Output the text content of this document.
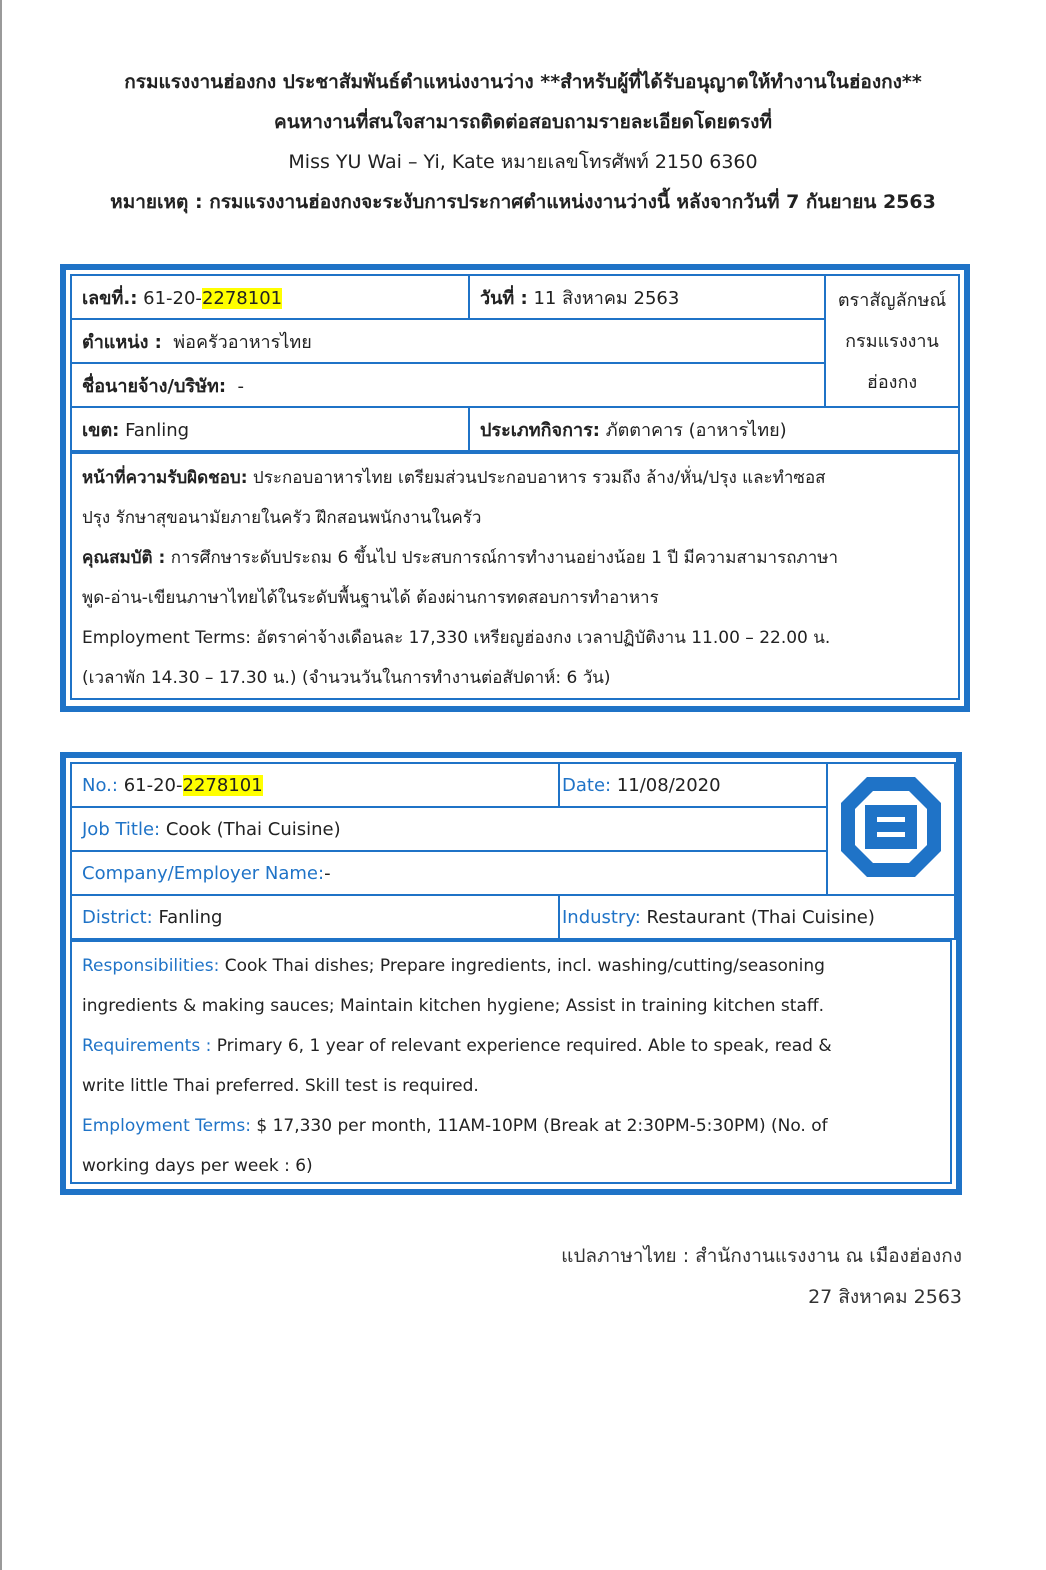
กรมแรงงานฮ่องกง ประชาสัมพันธ์ตำแหน่งงานว่าง **สำหรับผู้ที่ได้รับอนุญาตให้ทำงานในฮ่องกง**
คนหางานที่สนใจสามารถติดต่อสอบถามรายละเอียดโดยตรงที่
Miss YU Wai – Yi, Kate หมายเลขโทรศัพท์ 2150 6360
หมายเหตุ : กรมแรงงานฮ่องกงจะระงับการประกาศตำแหน่งงานว่างนี้ หลังจากวันที่ 7 กันยายน 2563
เลขที่.: 61-20-2278101	วันที่ : 11 สิงหาคม 2563	ตราสัญลักษณ์
กรมแรงงาน
ฮ่องกง

ตำแหน่ง : พ่อครัวอาหารไทย		
ชื่อนายจ้าง/บริษัท: -		
เขต: Fanling	ประเภทกิจการ: ภัตตาคาร (อาหารไทย)	
หน้าที่ความรับผิดชอบ: ประกอบอาหารไทย เตรียมส่วนประกอบอาหาร รวมถึง ล้าง/หั่น/ปรุง และทำซอส
ปรุง รักษาสุขอนามัยภายในครัว ฝึกสอนพนักงานในครัว
คุณสมบัติ : การศึกษาระดับประถม 6 ขึ้นไป ประสบการณ์การทำงานอย่างน้อย 1 ปี มีความสามารถภาษา
พูด-อ่าน-เขียนภาษาไทยได้ในระดับพื้นฐานได้ ต้องผ่านการทดสอบการทำอาหาร
Employment Terms: อัตราค่าจ้างเดือนละ 17,330 เหรียญฮ่องกง เวลาปฏิบัติงาน 11.00 – 22.00 น.
(เวลาพัก 14.30 – 17.30 น.) (จำนวนวันในการทำงานต่อสัปดาห์: 6 วัน)
No.: 61-20-2278101	Date: 11/08/2020	
Job Title: Cook (Thai Cuisine)		
Company/Employer Name:-		
District: Fanling	Industry: Restaurant (Thai Cuisine)	
Responsibilities: Cook Thai dishes; Prepare ingredients, incl. washing/cutting/seasoning
ingredients & making sauces; Maintain kitchen hygiene; Assist in training kitchen staff.
Requirements : Primary 6, 1 year of relevant experience required. Able to speak, read &
write little Thai preferred. Skill test is required.
Employment Terms: $ 17,330 per month, 11AM-10PM (Break at 2:30PM-5:30PM) (No. of
working days per week : 6)
แปลภาษาไทย : สำนักงานแรงงาน ณ เมืองฮ่องกง
27 สิงหาคม 2563
